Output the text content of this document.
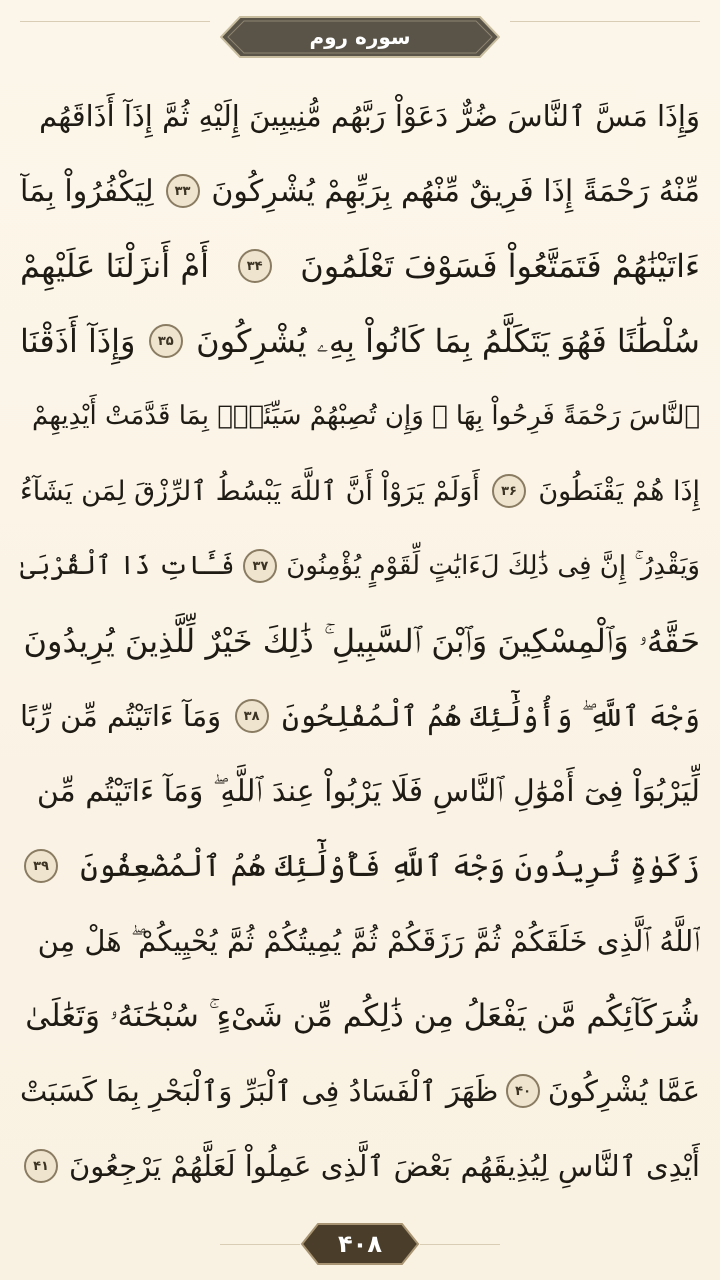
سوره روم
وَإِذَا مَسَّ ٱلنَّاسَ ضُرٌّ دَعَوْاْ رَبَّهُم مُّنِيبِينَ إِلَيْهِ ثُمَّ إِذَآ أَذَاقَهُم
مِّنْهُ رَحْمَةً إِذَا فَرِيقٌ مِّنْهُم بِرَبِّهِمْ يُشْرِكُونَ
۳۳
لِيَكْفُرُواْ بِمَآ
ءَاتَيْنَٰهُمْ فَتَمَتَّعُواْ فَسَوْفَ تَعْلَمُونَ
۳۴
أَمْ أَنزَلْنَا عَلَيْهِمْ
سُلْطَٰنًا فَهُوَ يَتَكَلَّمُ بِمَا كَانُواْ بِهِۦ يُشْرِكُونَ
۳۵
وَإِذَآ أَذَقْنَا
ٱلنَّاسَ رَحْمَةً فَرِحُواْ بِهَا ۖ وَإِن تُصِبْهُمْ سَيِّئَةٌۢ بِمَا قَدَّمَتْ أَيْدِيهِمْ
إِذَا هُمْ يَقْنَطُونَ
۳۶
أَوَلَمْ يَرَوْاْ أَنَّ ٱللَّهَ يَبْسُطُ ٱلرِّزْقَ لِمَن يَشَآءُ
وَيَقْدِرُ ۚ إِنَّ فِى ذَٰلِكَ لَءَايَٰتٍ لِّقَوْمٍ يُؤْمِنُونَ
۳۷
فَـَٔاتِ ذَا ٱلْقُرْبَىٰ
حَقَّهُۥ وَٱلْمِسْكِينَ وَٱبْنَ ٱلسَّبِيلِ ۚ ذَٰلِكَ خَيْرٌ لِّلَّذِينَ يُرِيدُونَ
وَجْهَ ٱللَّهِ ۖ وَأُوْلَٰٓئِكَ هُمُ ٱلْمُفْلِحُونَ
۳۸
وَمَآ ءَاتَيْتُم مِّن رِّبًا
لِّيَرْبُوَاْ فِىٓ أَمْوَٰلِ ٱلنَّاسِ فَلَا يَرْبُواْ عِندَ ٱللَّهِ ۖ وَمَآ ءَاتَيْتُم مِّن
زَكَوٰةٍ تُرِيدُونَ وَجْهَ ٱللَّهِ فَأُوْلَٰٓئِكَ هُمُ ٱلْمُضْعِفُونَ
۳۹
ٱللَّهُ ٱلَّذِى خَلَقَكُمْ ثُمَّ رَزَقَكُمْ ثُمَّ يُمِيتُكُمْ ثُمَّ يُحْيِيكُمْ ۖ هَلْ مِن
شُرَكَآئِكُم مَّن يَفْعَلُ مِن ذَٰلِكُم مِّن شَىْءٍ ۚ سُبْحَٰنَهُۥ وَتَعَٰلَىٰ
عَمَّا يُشْرِكُونَ
۴۰
ظَهَرَ ٱلْفَسَادُ فِى ٱلْبَرِّ وَٱلْبَحْرِ بِمَا كَسَبَتْ
أَيْدِى ٱلنَّاسِ لِيُذِيقَهُم بَعْضَ ٱلَّذِى عَمِلُواْ لَعَلَّهُمْ يَرْجِعُونَ
۴۱
۴۰۸
